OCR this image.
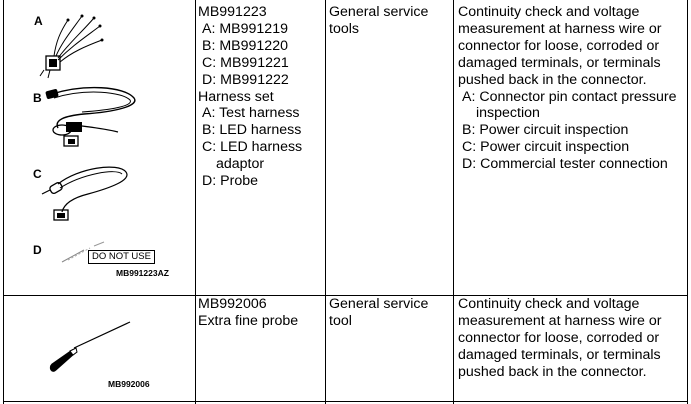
A
B
C
D	DO NOT USE
MB991223AZ
MB991223
A: MB991219
B: MB991220
C: MB991221
D: MB991222
Harness set
A: Test harness
B: LED harness
C: LED harness
adaptor
D: Probe
General service
tools
Continuity check and voltage
measurement at harness wire or
connector for loose, corroded or
damaged terminals, or terminals
pushed back in the connector.
A: Connector pin contact pressure
inspection
B: Power circuit inspection
C: Power circuit inspection
D: Commercial tester connection
MB992006
MB992006
Extra fine probe
General service
tool
Continuity check and voltage
measurement at harness wire or
connector for loose, corroded or
damaged terminals, or terminals
pushed back in the connector.
